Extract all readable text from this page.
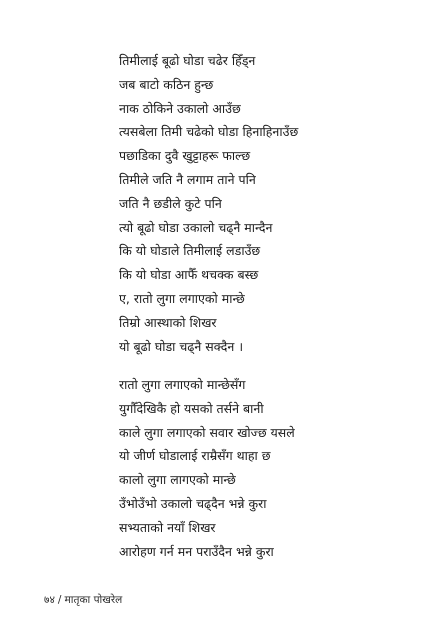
तिमीलाई बूढो घोडा चढेर हिँड्न
जब बाटो कठिन हुन्छ
नाक ठोकिने उकालो आउँछ
त्यसबेला तिमी चढेको घोडा हिनाहिनाउँछ
पछाडिका दुवै खुट्टाहरू फाल्छ
तिमीले जति नै लगाम ताने पनि
जति नै छडीले कुटे पनि
त्यो बूढो घोडा उकालो चढ्नै मान्दैन
कि यो घोडाले तिमीलाई लडाउँछ
कि यो घोडा आफैँ थचक्क बस्छ
ए, रातो लुगा लगाएको मान्छे
तिम्रो आस्थाको शिखर
यो बूढो घोडा चढ्नै सक्दैन ।
रातो लुगा लगाएको मान्छेसँग
युगौँदेखिकै हो यसको तर्सने बानी
काले लुगा लगाएको सवार खोज्छ यसले
यो जीर्ण घोडालाई राम्रैसँग थाहा छ
कालो लुगा लागएको मान्छे
उँभोउँभो उकालो चढ्दैन भन्ने कुरा
सभ्यताको नयाँ शिखर
आरोहण गर्न मन पराउँदैन भन्ने कुरा
७४ / मातृका पोखरेल
